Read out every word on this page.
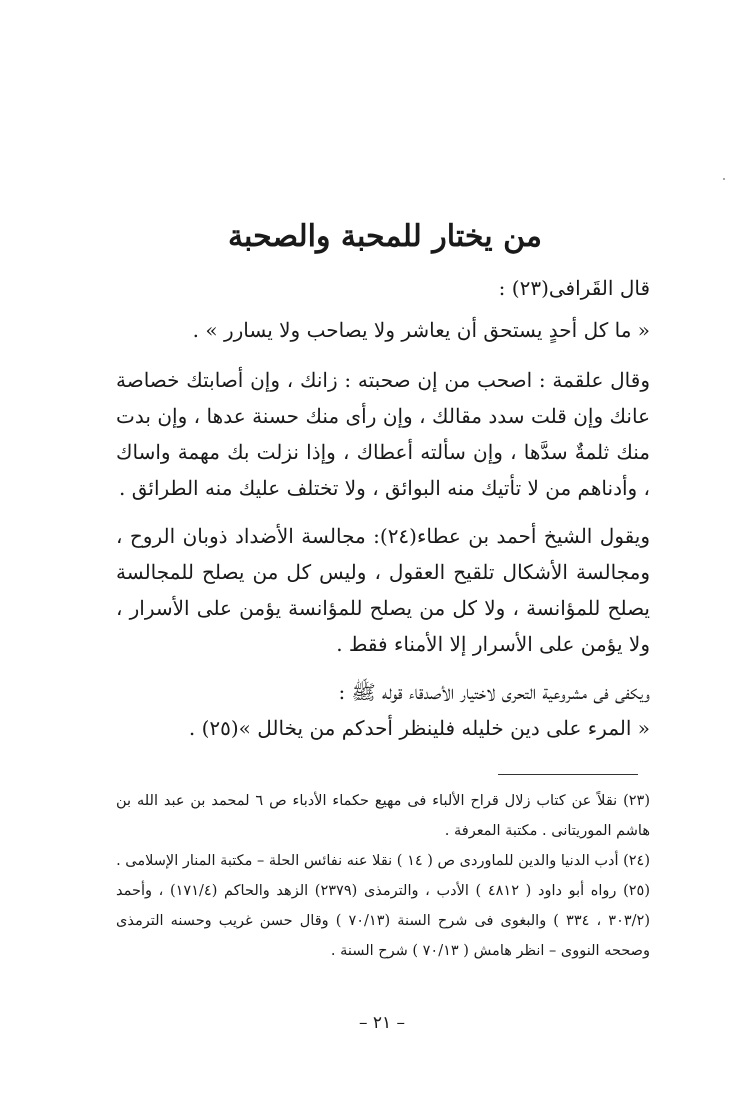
من يختار للمحبة والصحبة

قال القَرافى(٢٣) :

« ما كل أحدٍ يستحق أن يعاشر ولا يصاحب ولا يسارر » .

وقال علقمة : اصحب من إن صحبته : زانك ، وإن أصابتك خصاصة عانك وإن قلت سدد مقالك ، وإن رأى منك حسنة عدها ، وإن بدت منك ثلمةٌ سدَّها ، وإن سألته أعطاك ، وإذا نزلت بك مهمة واساك ، وأدناهم من لا تأتيك منه البوائق ، ولا تختلف عليك منه الطرائق .

ويقول الشيخ أحمد بن عطاء(٢٤): مجالسة الأضداد ذوبان الروح ، ومجالسة الأشكال تلقيح العقول ، وليس كل من يصلح للمجالسة يصلح للمؤانسة ، ولا كل من يصلح للمؤانسة يؤمن على الأسرار ، ولا يؤمن على الأسرار إلا الأمناء فقط .

ويكفى فى مشروعية التحرى لاختيار الأصدقاء قوله ﷺ :
« المرء على دين خليله فلينظر أحدكم من يخالل »(٢٥) .

(٢٣) نقلاً عن كتاب زلال قراح الألباء فى مهيع حكماء الأدباء ص ٦ لمحمد بن عبد الله بن هاشم الموريتانى . مكتبة المعرفة .

(٢٤) أدب الدنيا والدين للماوردى ص ( ١٤ ) نقلا عنه نفائس الحلة – مكتبة المنار الإسلامى .

(٢٥) رواه أبو داود ( ٤٨١٢ ) الأدب ، والترمذى (٢٣٧٩) الزهد والحاكم (١٧١/٤) ، وأحمد (٣٠٣/٢ ، ٣٣٤ ) والبغوى فى شرح السنة (٧٠/١٣ ) وقال حسن غريب وحسنه الترمذى وصححه النووى – انظر هامش ( ٧٠/١٣ ) شرح السنة .

– ٢١ –
